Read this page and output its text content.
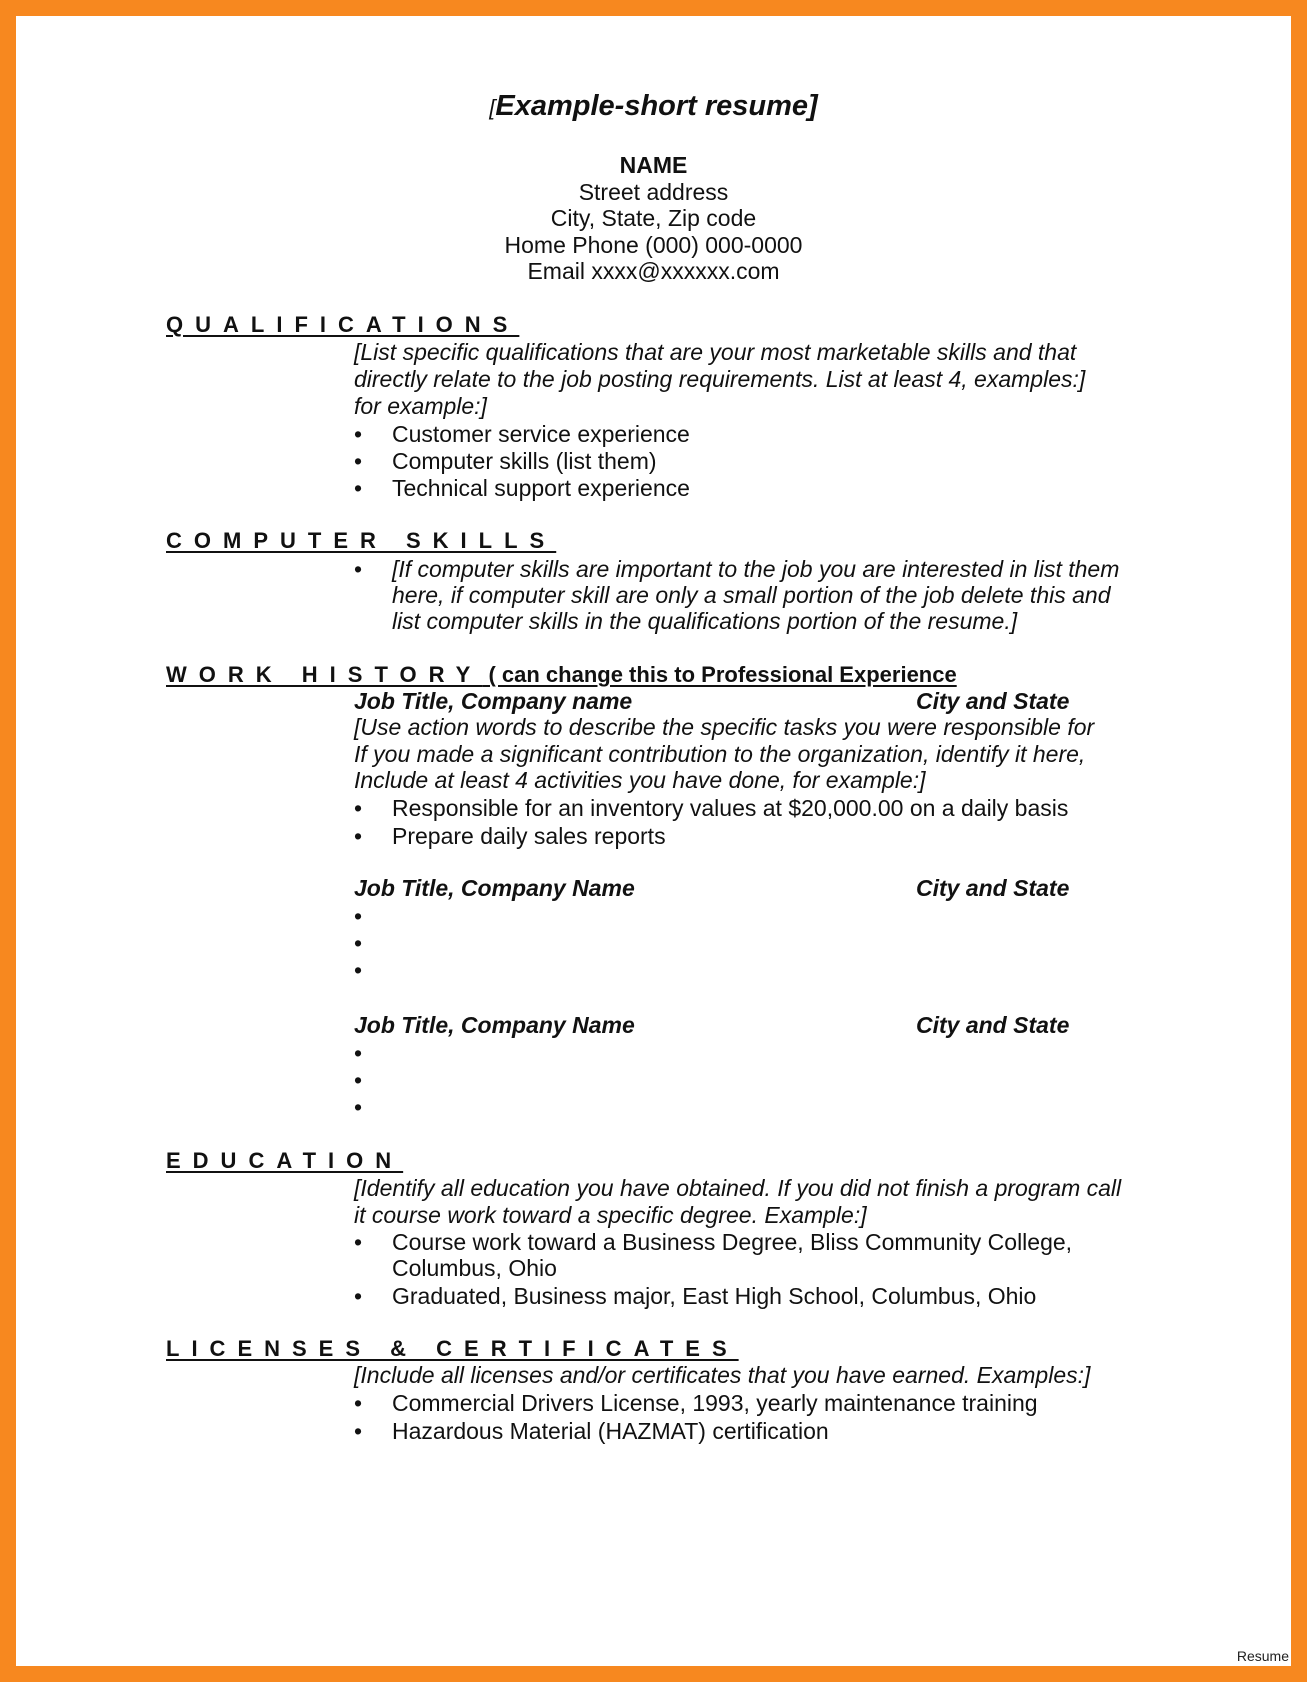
[Example-short resume]
NAME
Street address
City, State, Zip code
Home Phone (000) 000-0000
Email xxxx@xxxxxx.com
QUALIFICATIONS
[List specific qualifications that are your most marketable skills and that
directly relate to the job posting requirements. List at least 4, examples:]
for example:]
• Customer service experience
• Computer skills (list them)
• Technical support experience
COMPUTER SKILLS
• [If computer skills are important to the job you are interested in list them
here, if computer skill are only a small portion of the job delete this and
list computer skills in the qualifications portion of the resume.]
WORK HISTORY ( can change this to Professional Experience
Job Title, Company name	City and State
[Use action words to describe the specific tasks you were responsible for
If you made a significant contribution to the organization, identify it here,
Include at least 4 activities you have done, for example:]
• Responsible for an inventory values at $20,000.00 on a daily basis
• Prepare daily sales reports
Job Title, Company Name	City and State
•
•
•
Job Title, Company Name	City and State
•
•
•
EDUCATION
[Identify all education you have obtained. If you did not finish a program call
it course work toward a specific degree. Example:]
• Course work toward a Business Degree, Bliss Community College,
Columbus, Ohio
• Graduated, Business major, East High School, Columbus, Ohio
LICENSES & CERTIFICATES
[Include all licenses and/or certificates that you have earned. Examples:]
• Commercial Drivers License, 1993, yearly maintenance training
• Hazardous Material (HAZMAT) certification
Resume
